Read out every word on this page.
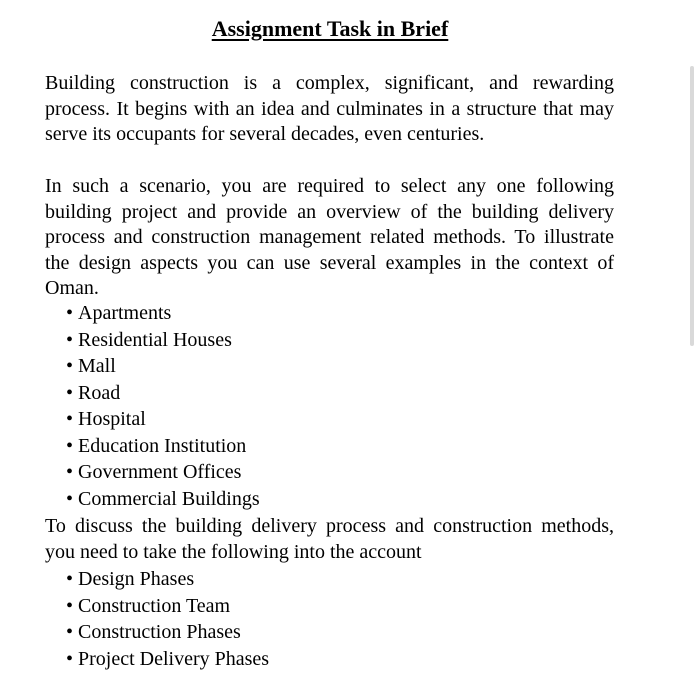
Assignment Task in Brief

Building construction is a complex, significant, and rewarding process. It begins with an idea and culminates in a structure that may serve its occupants for several decades, even centuries.

In such a scenario, you are required to select any one following building project and provide an overview of the building delivery process and construction management related methods. To illustrate the design aspects you can use several examples in the context of Oman.

• Apartments
• Residential Houses
• Mall
• Road
• Hospital
• Education Institution
• Government Offices
• Commercial Buildings

To discuss the building delivery process and construction methods, you need to take the following into the account

• Design Phases
• Construction Team
• Construction Phases
• Project Delivery Phases
